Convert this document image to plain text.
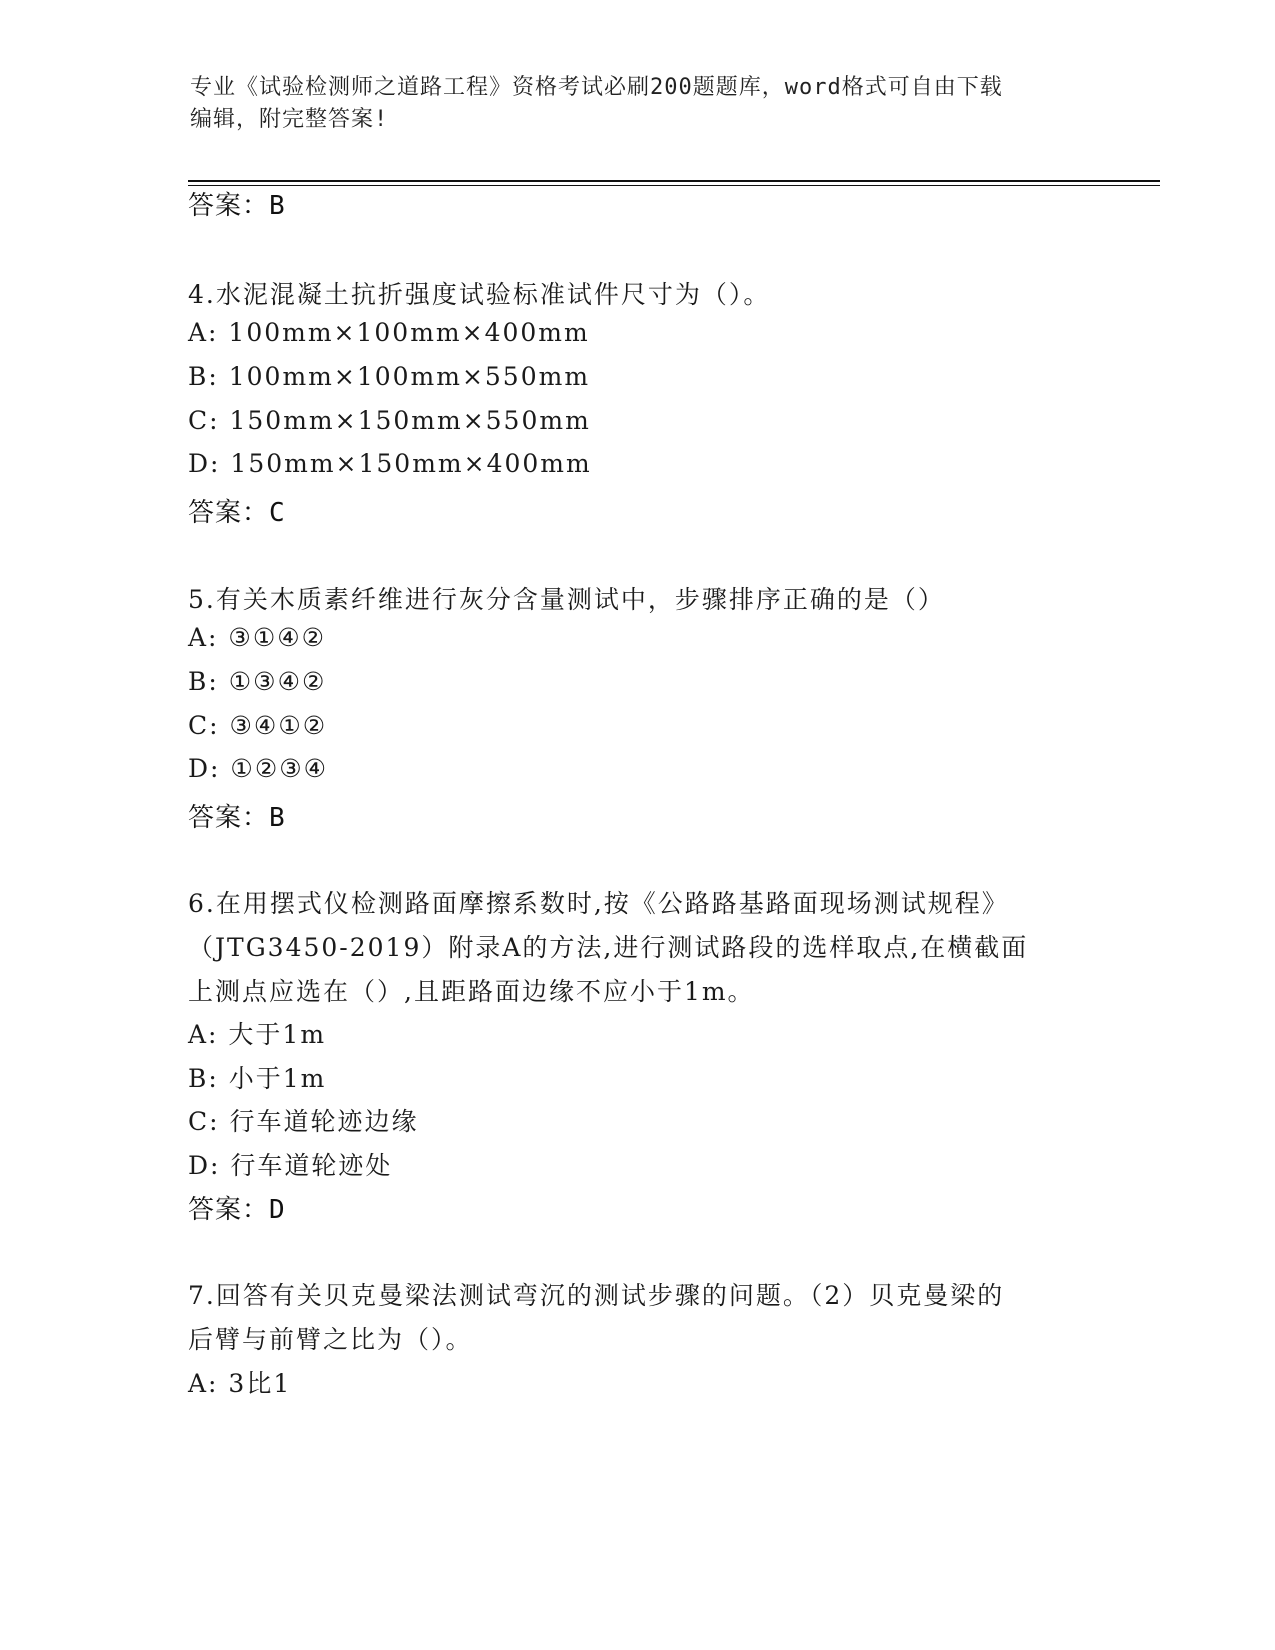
专业《试验检测师之道路工程》资格考试必刷200题题库，word格式可自由下载
编辑，附完整答案!
答案：B
4.水泥混凝土抗折强度试验标准试件尺寸为（）。
A: 100mm×100mm×400mm
B: 100mm×100mm×550mm
C: 150mm×150mm×550mm
D: 150mm×150mm×400mm
答案：C
5.有关木质素纤维进行灰分含量测试中，步骤排序正确的是（）
A: ③①④②
B: ①③④②
C: ③④①②
D: ①②③④
答案：B
6.在用摆式仪检测路面摩擦系数时,按《公路路基路面现场测试规程》
（JTG3450-2019）附录A的方法,进行测试路段的选样取点,在横截面
上测点应选在（）,且距路面边缘不应小于1m。
A: 大于1m
B: 小于1m
C: 行车道轮迹边缘
D: 行车道轮迹处
答案：D
7.回答有关贝克曼梁法测试弯沉的测试步骤的问题。（2）贝克曼梁的
后臂与前臂之比为（）。
A: 3比1
